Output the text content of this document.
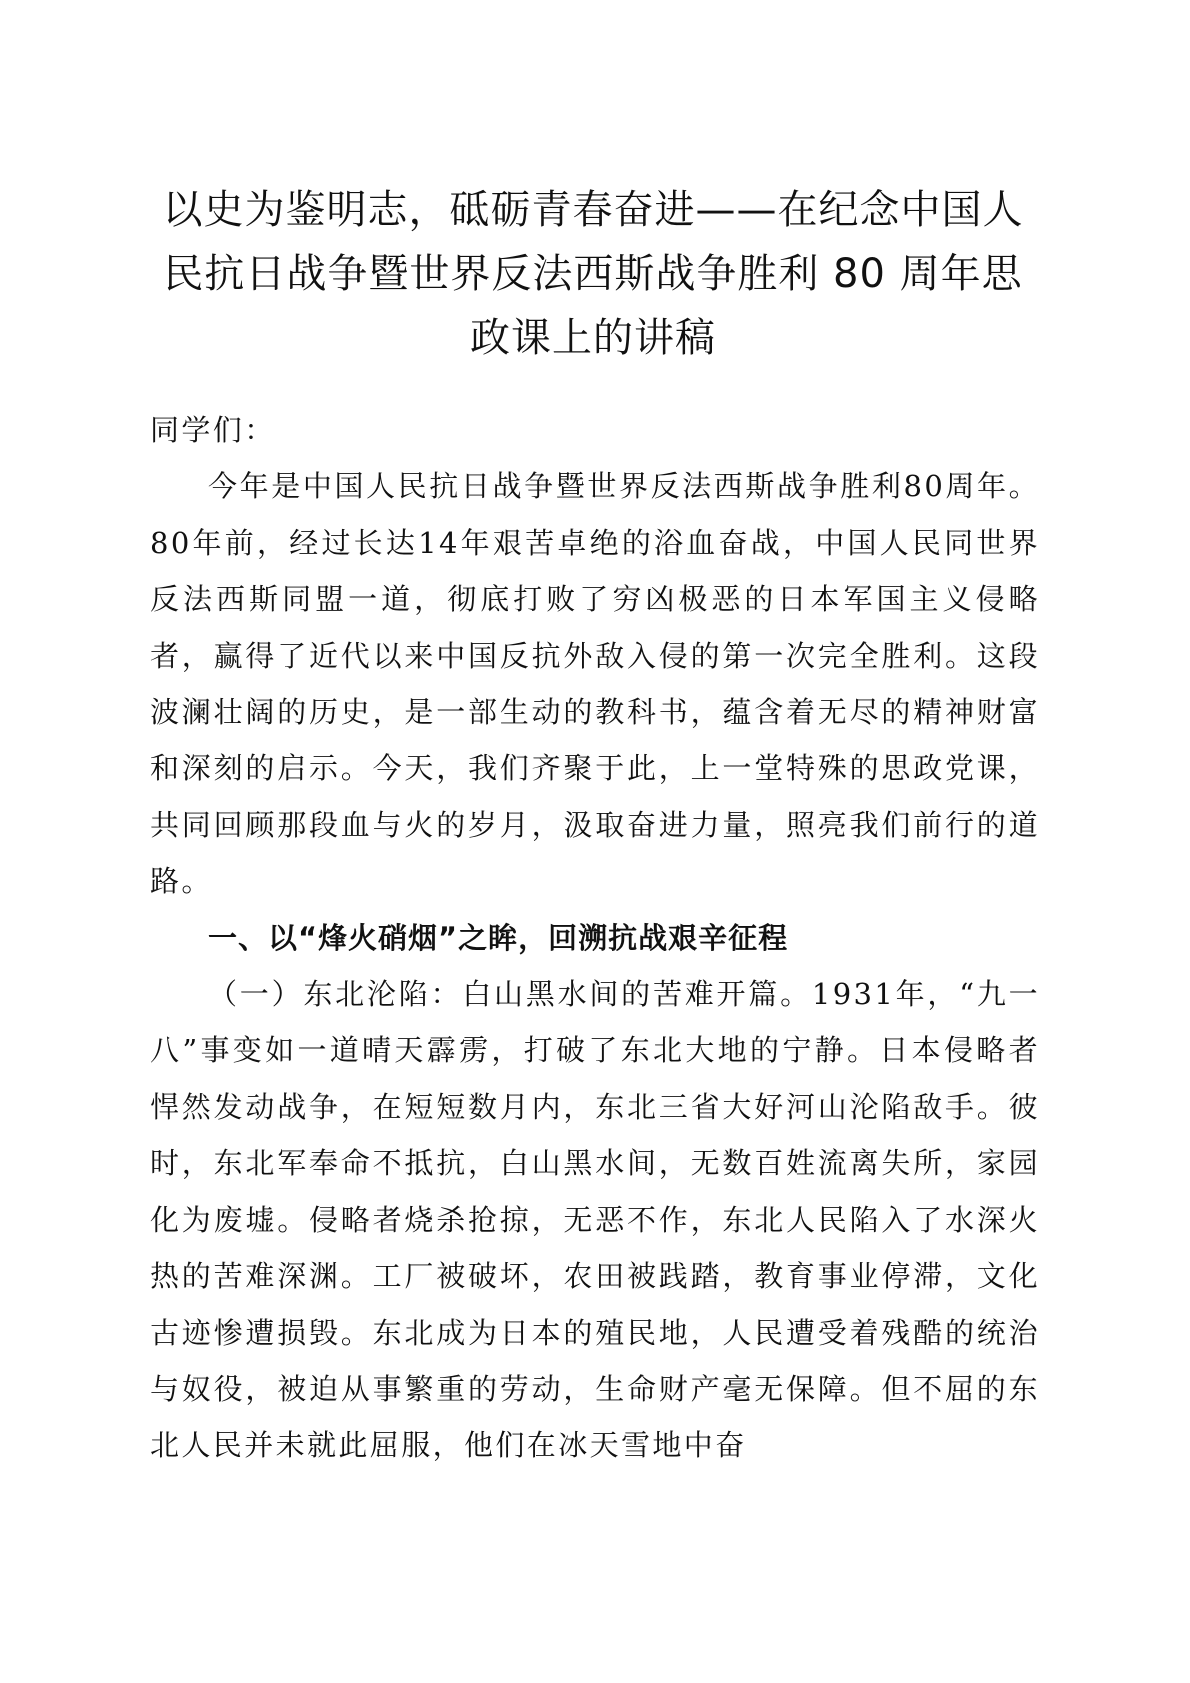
以史为鉴明志，砥砺青春奋进——在纪念中国人民抗日战争暨世界反法西斯战争胜利 80 周年思政课上的讲稿

同学们：

今年是中国人民抗日战争暨世界反法西斯战争胜利80周年。80年前，经过长达14年艰苦卓绝的浴血奋战，中国人民同世界反法西斯同盟一道，彻底打败了穷凶极恶的日本军国主义侵略者，赢得了近代以来中国反抗外敌入侵的第一次完全胜利。这段波澜壮阔的历史，是一部生动的教科书，蕴含着无尽的精神财富和深刻的启示。今天，我们齐聚于此，上一堂特殊的思政党课，共同回顾那段血与火的岁月，汲取奋进力量，照亮我们前行的道路。

一、以“烽火硝烟”之眸，回溯抗战艰辛征程

（一）东北沦陷：白山黑水间的苦难开篇。1931年，“九一八”事变如一道晴天霹雳，打破了东北大地的宁静。日本侵略者悍然发动战争，在短短数月内，东北三省大好河山沦陷敌手。彼时，东北军奉命不抵抗，白山黑水间，无数百姓流离失所，家园化为废墟。侵略者烧杀抢掠，无恶不作，东北人民陷入了水深火热的苦难深渊。工厂被破坏，农田被践踏，教育事业停滞，文化古迹惨遭损毁。东北成为日本的殖民地，人民遭受着残酷的统治与奴役，被迫从事繁重的劳动，生命财产毫无保障。但不屈的东北人民并未就此屈服，他们在冰天雪地中奋
